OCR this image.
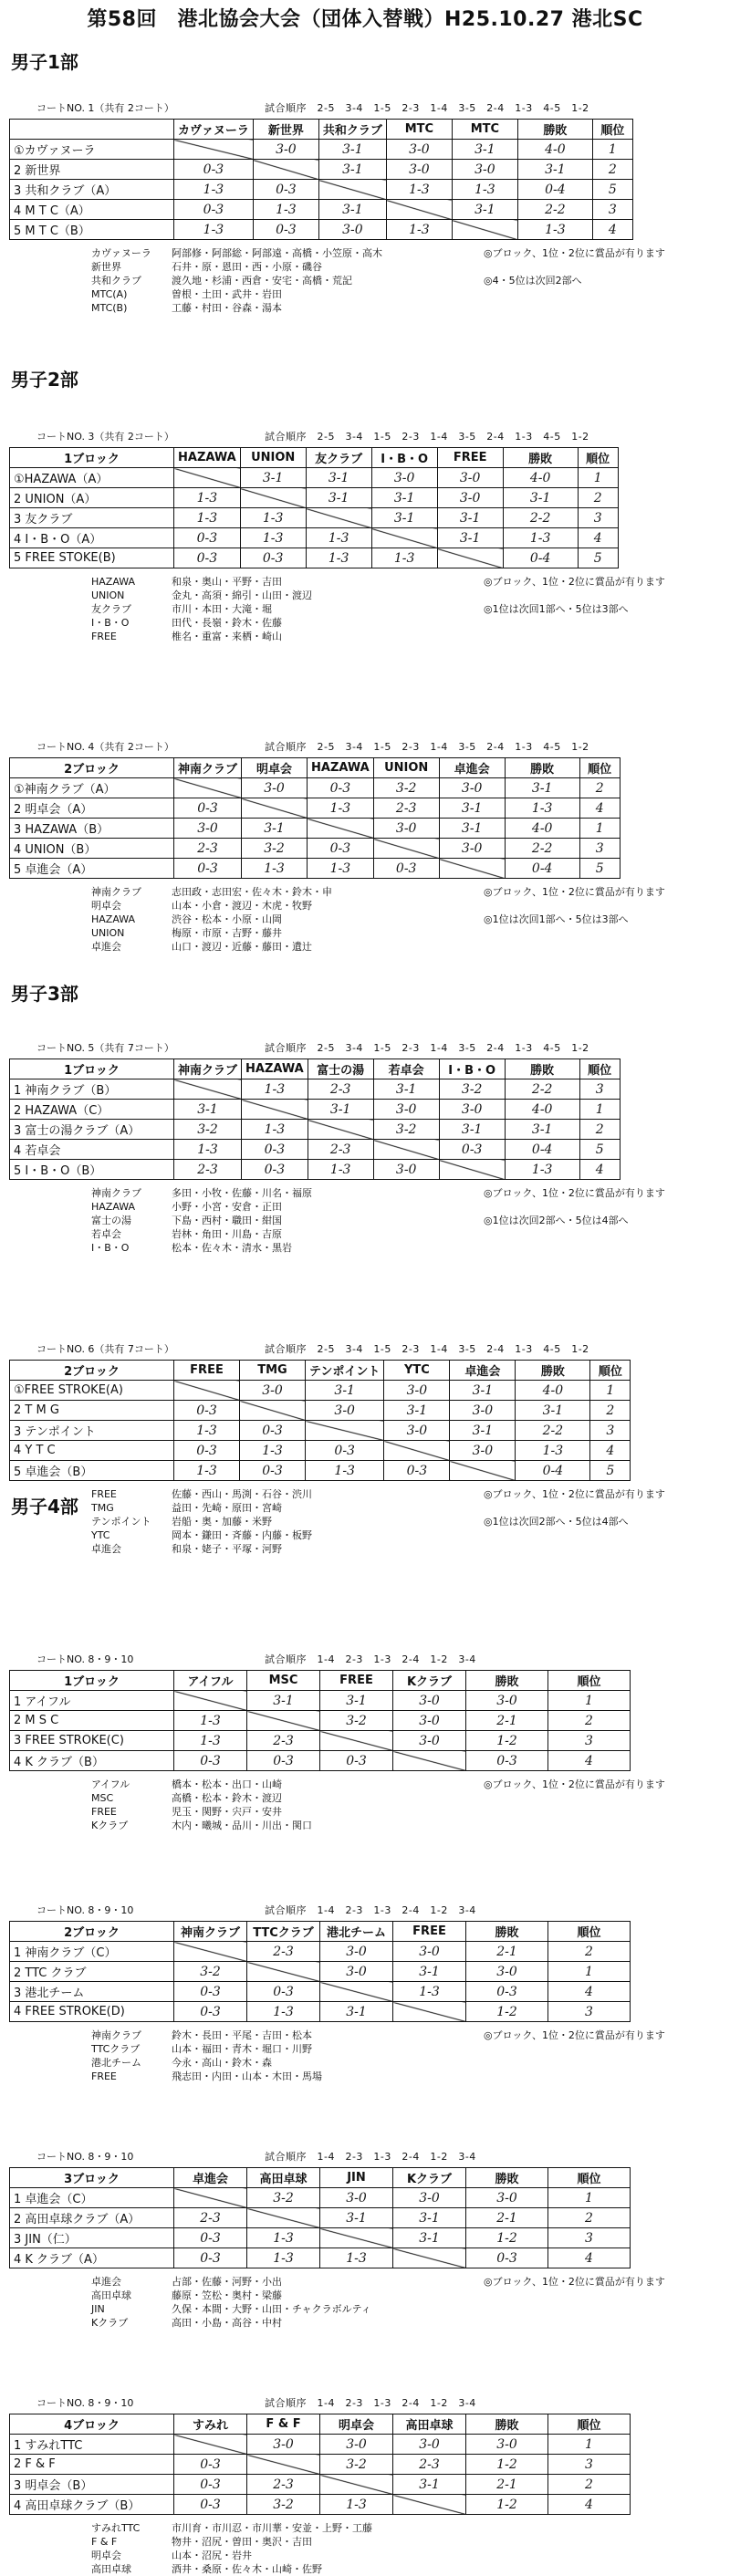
第58回　港北協会大会（団体入替戦）H25.10.27 港北SC
男子1部
コートNO. 1（共有 2コート）	試合順序　2-5　3-4　1-5　2-3　1-4　3-5　2-4　1-3　4-5　1-2
	カヴァヌーラ	新世界	共和クラブ	MTC	MTC	勝敗	順位
①カヴァヌーラ		3-0	3-1	3-0	3-1	4-0	1
2 新世界	0-3		3-1	3-0	3-0	3-1	2
3 共和クラブ（A）	1-3	0-3		1-3	1-3	0-4	5
4 M T C（A）	0-3	1-3	3-1		3-1	2-2	3
5 M T C（B）	1-3	0-3	3-0	1-3		1-3	4
カヴァヌーラ	阿部修・阿部総・阿部遠・高橋・小笠原・高木
新世界	石井・原・恩田・西・小原・磯谷
共和クラブ	渡久地・杉浦・西倉・安宅・高橋・荒記
MTC(A)	曽根・土田・武井・岩田
MTC(B)	工藤・村田・谷森・湯本
◎ブロック、1位・2位に賞品が有ります

◎4・5位は次回2部へ
男子2部
コートNO. 3（共有 2コート）	試合順序　2-5　3-4　1-5　2-3　1-4　3-5　2-4　1-3　4-5　1-2
1ブロック	HAZAWA	UNION	友クラブ	I・B・O	FREE	勝敗	順位
①HAZAWA（A）		3-1	3-1	3-0	3-0	4-0	1
2 UNION（A）	1-3		3-1	3-1	3-0	3-1	2
3 友クラブ	1-3	1-3		3-1	3-1	2-2	3
4 I・B・O（A）	0-3	1-3	1-3		3-1	1-3	4
5 FREE STOKE(B)	0-3	0-3	1-3	1-3		0-4	5
HAZAWA	和泉・奥山・平野・吉田
UNION	金丸・高須・綿引・山田・渡辺
友クラブ	市川・本田・大滝・堀
I・B・O	田代・長嶺・鈴木・佐藤
FREE	椎名・重富・来栖・崎山
◎ブロック、1位・2位に賞品が有ります

◎1位は次回1部へ・5位は3部へ
コートNO. 4（共有 2コート）	試合順序　2-5　3-4　1-5　2-3　1-4　3-5　2-4　1-3　4-5　1-2
2ブロック	神南クラブ	明卓会	HAZAWA	UNION	卓進会	勝敗	順位
①神南クラブ（A）		3-0	0-3	3-2	3-0	3-1	2
2 明卓会（A）	0-3		1-3	2-3	3-1	1-3	4
3 HAZAWA（B）	3-0	3-1		3-0	3-1	4-0	1
4 UNION（B）	2-3	3-2	0-3		3-0	2-2	3
5 卓進会（A）	0-3	1-3	1-3	0-3		0-4	5
神南クラブ	志田政・志田宏・佐々木・鈴木・申
明卓会	山本・小倉・渡辺・木虎・牧野
HAZAWA	渋谷・松本・小原・山岡
UNION	梅原・市原・吉野・藤井
卓進会	山口・渡辺・近藤・藤田・遺辻
◎ブロック、1位・2位に賞品が有ります

◎1位は次回1部へ・5位は3部へ
男子3部
コートNO. 5（共有 7コート）	試合順序　2-5　3-4　1-5　2-3　1-4　3-5　2-4　1-3　4-5　1-2
1ブロック	神南クラブ	HAZAWA	富士の湯	若卓会	I・B・O	勝敗	順位
1 神南クラブ（B）		1-3	2-3	3-1	3-2	2-2	3
2 HAZAWA（C）	3-1		3-1	3-0	3-0	4-0	1
3 富士の湯クラブ（A）	3-2	1-3		3-2	3-1	3-1	2
4 若卓会	1-3	0-3	2-3		0-3	0-4	5
5 I・B・O（B）	2-3	0-3	1-3	3-0		1-3	4
神南クラブ	多田・小牧・佐藤・川名・福原
HAZAWA	小野・小宮・安倉・正田
富士の湯	下島・西村・職田・紺国
若卓会	岩林・角田・川島・吉原
I・B・O	松本・佐々木・清水・黒岩
◎ブロック、1位・2位に賞品が有ります

◎1位は次回2部へ・5位は4部へ
コートNO. 6（共有 7コート）	試合順序　2-5　3-4　1-5　2-3　1-4　3-5　2-4　1-3　4-5　1-2
2ブロック	FREE	TMG	テンポイント	YTC	卓進会	勝敗	順位
①FREE STROKE(A)		3-0	3-1	3-0	3-1	4-0	1
2 T M G	0-3		3-0	3-1	3-0	3-1	2
3 テンポイント	1-3	0-3		3-0	3-1	2-2	3
4 Y T C	0-3	1-3	0-3		3-0	1-3	4
5 卓進会（B）	1-3	0-3	1-3	0-3		0-4	5
FREE	佐藤・西山・馬渕・石谷・渋川
TMG	益田・先崎・原田・宮崎
テンポイント	岩船・奥・加藤・米野
YTC	岡本・鎌田・斉藤・内藤・板野
卓進会	和泉・姥子・平塚・河野
◎ブロック、1位・2位に賞品が有ります

◎1位は次回2部へ・5位は4部へ
男子4部
コートNO. 8・9・10	試合順序　1-4　2-3　1-3　2-4　1-2　3-4
1ブロック	アイフル	MSC	FREE	Kクラブ	勝敗	順位
1 アイフル		3-1	3-1	3-0	3-0	1
2 M S C	1-3		3-2	3-0	2-1	2
3 FREE STROKE(C)	1-3	2-3		3-0	1-2	3
4 K クラブ（B）	0-3	0-3	0-3		0-3	4
アイフル	橋本・松本・出口・山崎
MSC	高橋・松本・鈴木・渡辺
FREE	児玉・関野・宍戸・安井
Kクラブ	木内・曦城・品川・川出・関口
◎ブロック、1位・2位に賞品が有ります
コートNO. 8・9・10	試合順序　1-4　2-3　1-3　2-4　1-2　3-4
2ブロック	神南クラブ	TTCクラブ	港北チーム	FREE	勝敗	順位
1 神南クラブ（C）		2-3	3-0	3-0	2-1	2
2 TTC クラブ	3-2		3-0	3-1	3-0	1
3 港北チーム	0-3	0-3		1-3	0-3	4
4 FREE STROKE(D)	0-3	1-3	3-1		1-2	3
神南クラブ	鈴木・長田・平尾・吉田・松本
TTCクラブ	山本・福田・青木・堀口・川野
港北チーム	今永・高山・鈴木・森
FREE	飛志田・内田・山本・木田・馬場
◎ブロック、1位・2位に賞品が有ります
コートNO. 8・9・10	試合順序　1-4　2-3　1-3　2-4　1-2　3-4
3ブロック	卓進会	高田卓球	JIN	Kクラブ	勝敗	順位
1 卓進会（C）		3-2	3-0	3-0	3-0	1
2 高田卓球クラブ（A）	2-3		3-1	3-1	2-1	2
3 JIN（仁）	0-3	1-3		3-1	1-2	3
4 K クラブ（A）	0-3	1-3	1-3		0-3	4
卓進会	占部・佐藤・河野・小出
高田卓球	藤原・笠松・奥村・梁藤
JIN	久保・本間・大野・山田・チャクラボルティ
Kクラブ	高田・小島・高谷・中村
◎ブロック、1位・2位に賞品が有ります
コートNO. 8・9・10	試合順序　1-4　2-3　1-3　2-4　1-2　3-4
4ブロック	すみれ	F & F	明卓会	高田卓球	勝敗	順位
1 すみれTTC		3-0	3-0	3-0	3-0	1
2 F & F	0-3		3-2	2-3	1-2	3
3 明卓会（B）	0-3	2-3		3-1	2-1	2
4 高田卓球クラブ（B）	0-3	3-2	1-3		1-2	4
すみれTTC	市川育・市川忍・市川華・安並・上野・工藤
F & F	物井・沼尻・曽田・奥沢・吉田
明卓会	山本・沼尻・岩井
高田卓球	酒井・桑原・佐々木・山崎・佐野
